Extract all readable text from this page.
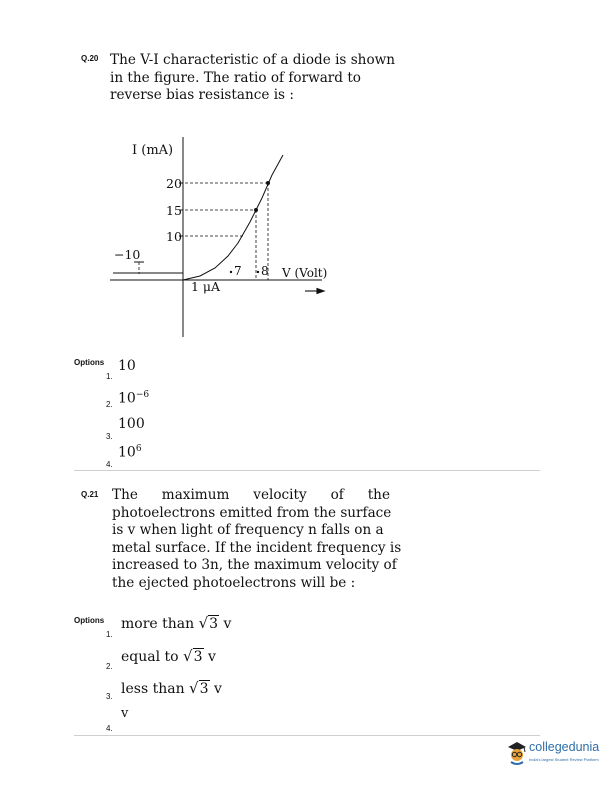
Q.20 The V-I characteristic of a diode is shown
in the figure. The ratio of forward to
reverse bias resistance is :
I (mA)
20
15
10
−10
1 μA
7 8 V (Volt)
Options
1.
10
2. $10^{-6}$
3.
100
4.
$10^6$
Q.21 The maximum velocity of the
photoelectrons emitted from the surface
is v when light of frequency n falls on a
metal surface. If the incident frequency is
increased to 3n, the maximum velocity of
the ejected photoelectrons will be :
Options
1.
more than √3 v
2.
equal to √3 v
3. less than √3 v
4.
v
collegedunia
India's largest Student Review Platform
